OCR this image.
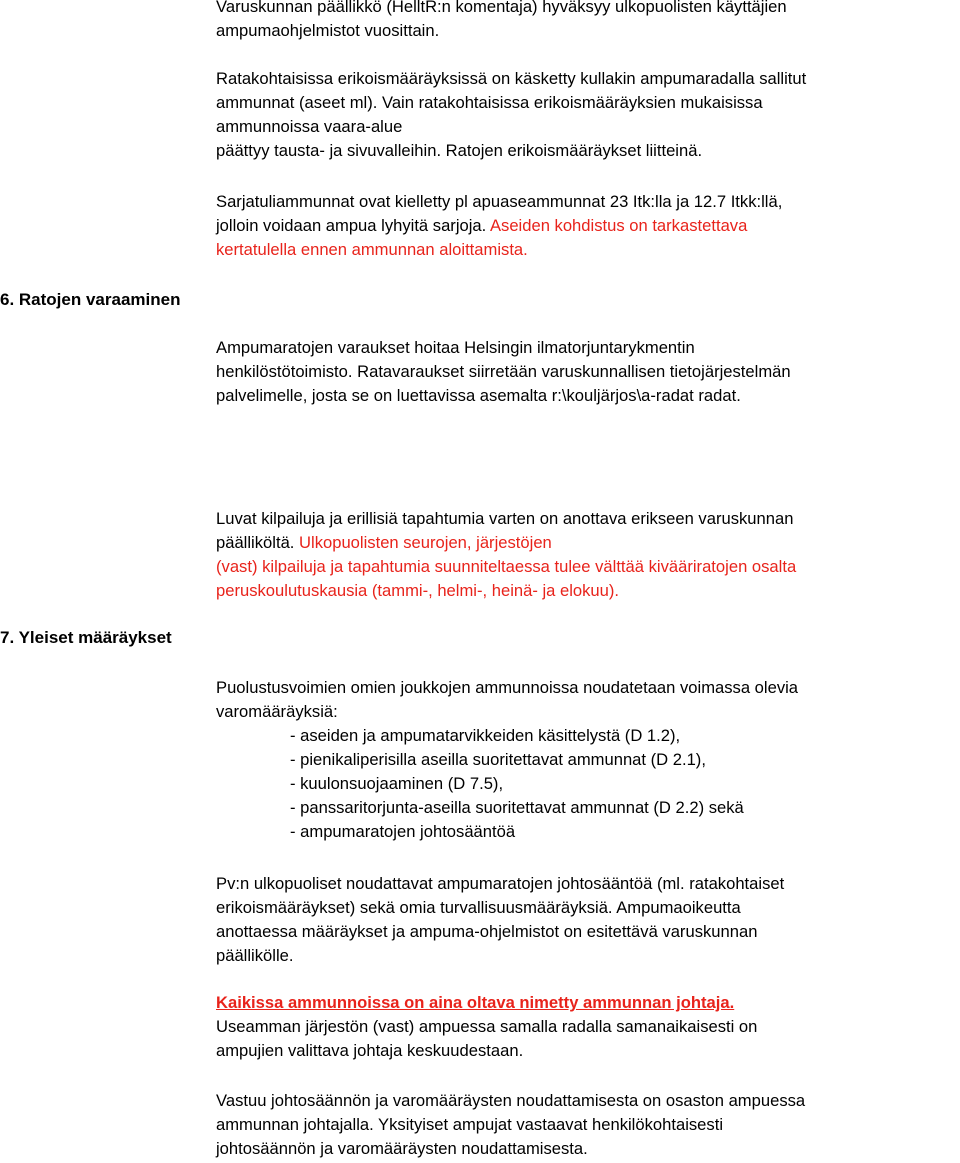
6. Ratojen varaaminen
7. Yleiset määräykset
Varuskunnan päällikkö (HelltR:n komentaja) hyväksyy ulkopuolisten käyttäjien
ampumaohjelmistot vuosittain.
Ratakohtaisissa erikoismääräyksissä on käsketty kullakin ampumaradalla sallitut
ammunnat (aseet ml). Vain ratakohtaisissa erikoismääräyksien mukaisissa
ammunnoissa vaara-alue
päättyy tausta- ja sivuvalleihin. Ratojen erikoismääräykset liitteinä.
Sarjatuliammunnat ovat kielletty pl apuaseammunnat 23 Itk:lla ja 12.7 Itkk:llä,
jolloin voidaan ampua lyhyitä sarjoja. Aseiden kohdistus on tarkastettava
kertatulella ennen ammunnan aloittamista.
Ampumaratojen varaukset hoitaa Helsingin ilmatorjuntarykmentin
henkilöstötoimisto. Ratavaraukset siirretään varuskunnallisen tietojärjestelmän
palvelimelle, josta se on luettavissa asemalta r:\kouljärjos\a-radat radat.
Luvat kilpailuja ja erillisiä tapahtumia varten on anottava erikseen varuskunnan
päälliköltä. Ulkopuolisten seurojen, järjestöjen
(vast) kilpailuja ja tapahtumia suunniteltaessa tulee välttää kivääriratojen osalta
peruskoulutuskausia (tammi-, helmi-, heinä- ja elokuu).
Puolustusvoimien omien joukkojen ammunnoissa noudatetaan voimassa olevia
varomääräyksiä:
- aseiden ja ampumatarvikkeiden käsittelystä (D 1.2),
- pienikaliperisilla aseilla suoritettavat ammunnat (D 2.1),
- kuulonsuojaaminen (D 7.5),
- panssaritorjunta-aseilla suoritettavat ammunnat (D 2.2) sekä
- ampumaratojen johtosääntöä
Pv:n ulkopuoliset noudattavat ampumaratojen johtosääntöä (ml. ratakohtaiset
erikoismääräykset) sekä omia turvallisuusmääräyksiä. Ampumaoikeutta
anottaessa määräykset ja ampuma-ohjelmistot on esitettävä varuskunnan
päällikölle.
Kaikissa ammunnoissa on aina oltava nimetty ammunnan johtaja.
Useamman järjestön (vast) ampuessa samalla radalla samanaikaisesti on
ampujien valittava johtaja keskuudestaan.
Vastuu johtosäännön ja varomääräysten noudattamisesta on osaston ampuessa
ammunnan johtajalla. Yksityiset ampujat vastaavat henkilökohtaisesti
johtosäännön ja varomääräysten noudattamisesta.
